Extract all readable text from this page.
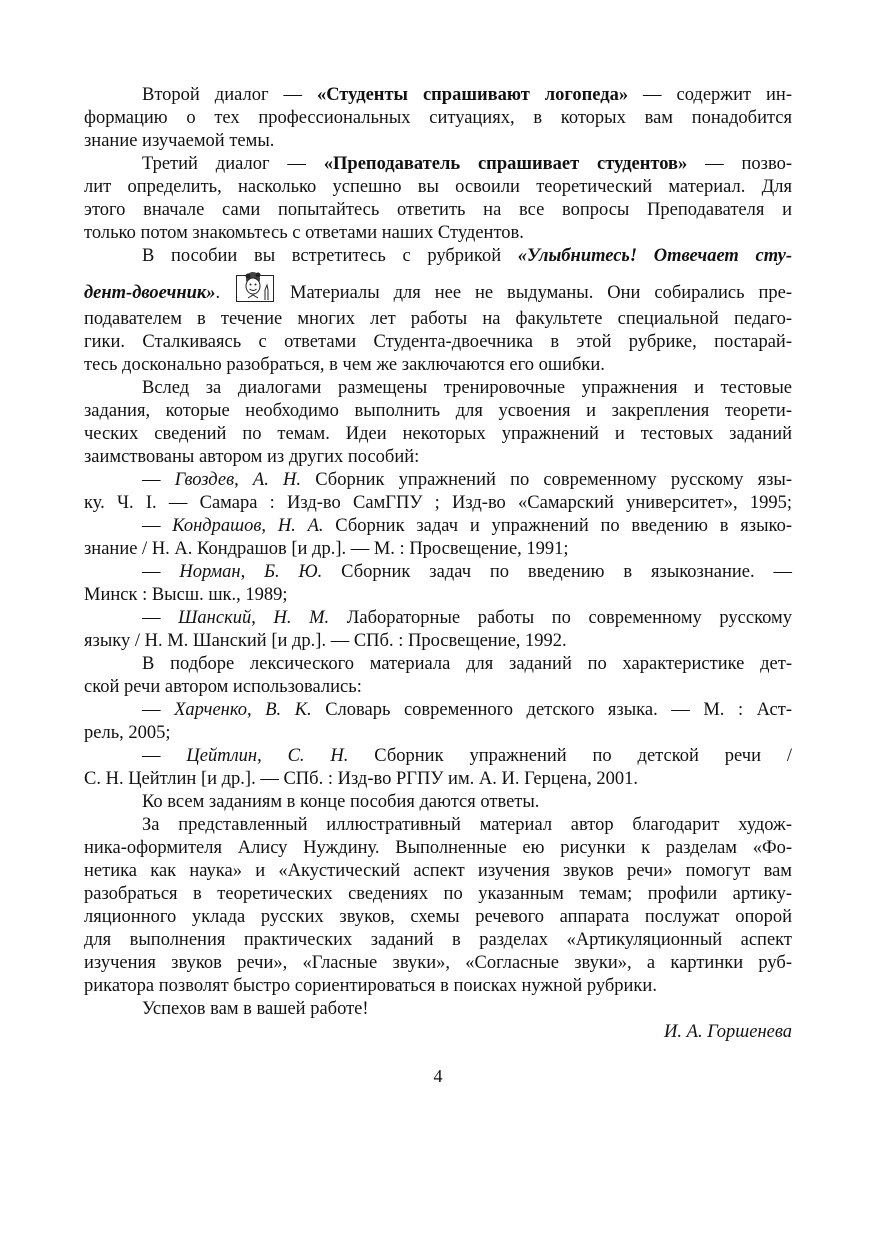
Второй диалог — «Студенты спрашивают логопеда» — содержит ин-
формацию о тех профессиональных ситуациях, в которых вам понадобится
знание изучаемой темы.
Третий диалог — «Преподаватель спрашивает студентов» — позво-
лит определить, насколько успешно вы освоили теоретический материал. Для
этого вначале сами попытайтесь ответить на все вопросы Преподавателя и
только потом знакомьтесь с ответами наших Студентов.
В пособии вы встретитесь с рубрикой «Улыбнитесь! Отвечает сту-
дент-двоечник».  Материалы для нее не выдуманы. Они собирались пре-
подавателем в течение многих лет работы на факультете специальной педаго-
гики. Сталкиваясь с ответами Студента-двоечника в этой рубрике, постарай-
тесь досконально разобраться, в чем же заключаются его ошибки.
Вслед за диалогами размещены тренировочные упражнения и тестовые
задания, которые необходимо выполнить для усвоения и закрепления теорети-
ческих сведений по темам. Идеи некоторых упражнений и тестовых заданий
заимствованы автором из других пособий:
— Гвоздев, А. Н. Сборник упражнений по современному русскому язы-
ку. Ч. I. — Самара : Изд-во СамГПУ ; Изд-во «Самарский университет», 1995;
— Кондрашов, Н. А. Сборник задач и упражнений по введению в языко-
знание / Н. А. Кондрашов [и др.]. — М. : Просвещение, 1991;
— Норман, Б. Ю. Сборник задач по введению в языкознание. —
Минск : Высш. шк., 1989;
— Шанский, Н. М. Лабораторные работы по современному русскому
языку / Н. М. Шанский [и др.]. — СПб. : Просвещение, 1992.
В подборе лексического материала для заданий по характеристике дет-
ской речи автором использовались:
— Харченко, В. К. Словарь современного детского языка. — М. : Аст-
рель, 2005;
— Цейтлин, С. Н. Сборник упражнений по детской речи /
С. Н. Цейтлин [и др.]. — СПб. : Изд-во РГПУ им. А. И. Герцена, 2001.
Ко всем заданиям в конце пособия даются ответы.
За представленный иллюстративный материал автор благодарит худож-
ника-оформителя Алису Нуждину. Выполненные ею рисунки к разделам «Фо-
нетика как наука» и «Акустический аспект изучения звуков речи» помогут вам
разобраться в теоретических сведениях по указанным темам; профили артику-
ляционного уклада русских звуков, схемы речевого аппарата послужат опорой
для выполнения практических заданий в разделах «Артикуляционный аспект
изучения звуков речи», «Гласные звуки», «Согласные звуки», а картинки руб-
рикатора позволят быстро сориентироваться в поисках нужной рубрики.
Успехов вам в вашей работе!
И. А. Горшенева
4
